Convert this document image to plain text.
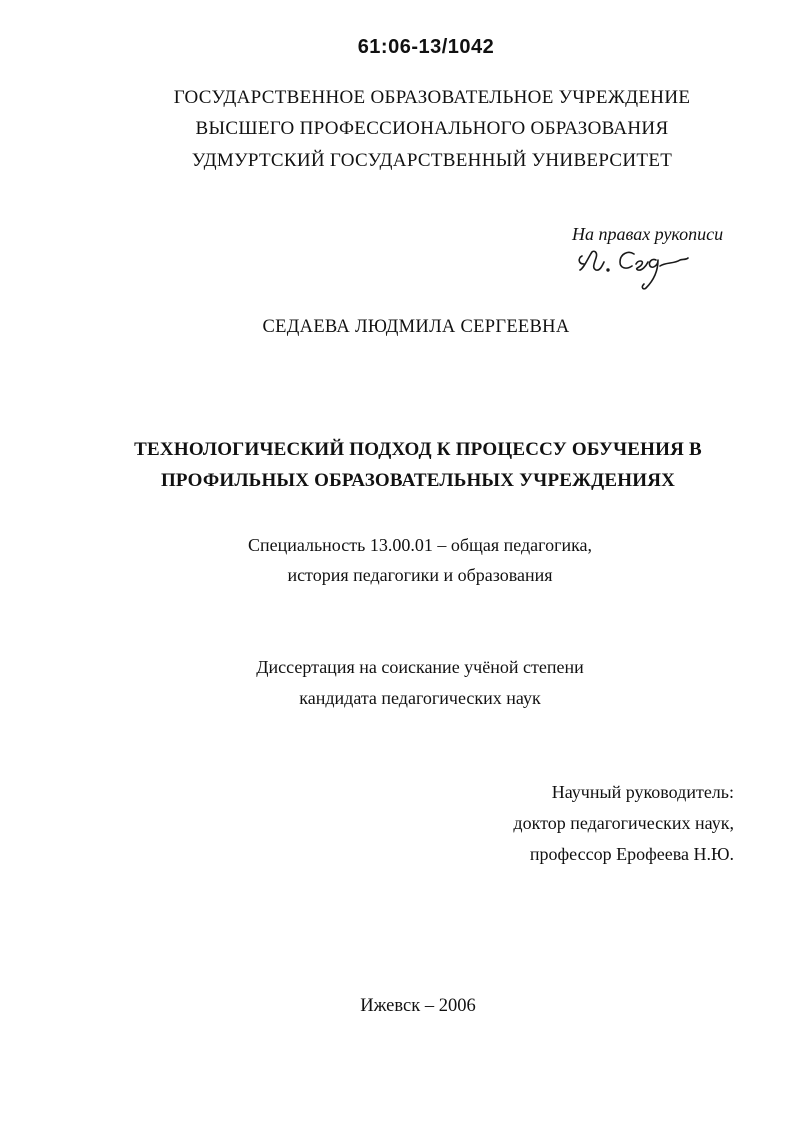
61:06-13/1042
ГОСУДАРСТВЕННОЕ ОБРАЗОВАТЕЛЬНОЕ УЧРЕЖДЕНИЕ
ВЫСШЕГО ПРОФЕССИОНАЛЬНОГО ОБРАЗОВАНИЯ
УДМУРТСКИЙ ГОСУДАРСТВЕННЫЙ УНИВЕРСИТЕТ
На правах рукописи
СЕДАЕВА ЛЮДМИЛА СЕРГЕЕВНА
ТЕХНОЛОГИЧЕСКИЙ ПОДХОД К ПРОЦЕССУ ОБУЧЕНИЯ В
ПРОФИЛЬНЫХ ОБРАЗОВАТЕЛЬНЫХ УЧРЕЖДЕНИЯХ
Специальность 13.00.01 – общая педагогика,
история педагогики и образования
Диссертация на соискание учёной степени
кандидата педагогических наук
Научный руководитель:
доктор педагогических наук,
профессор Ерофеева Н.Ю.
Ижевск – 2006
